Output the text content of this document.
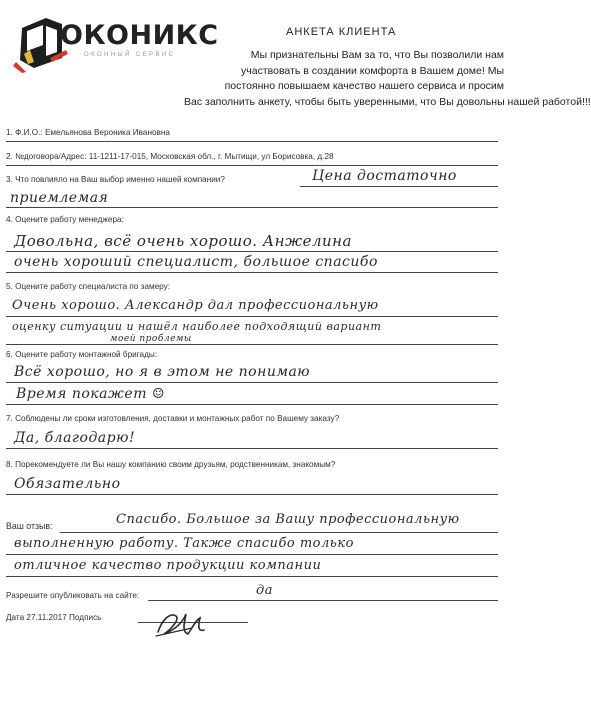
ОКОНИКС
ОКОННЫЙ СЕРВИС
АНКЕТА КЛИЕНТА
Мы признательны Вам за то, что Вы позволили нам
участвовать в создании комфорта в Вашем доме! Мы
постоянно повышаем качество нашего сервиса и просим
Вас заполнить анкету, чтобы быть уверенными, что Вы довольны нашей работой!!!
1. Ф.И.О.: Емельянова Вероника Ивановна
2. №договора/Адрес: 11-1211-17-015, Московская обл., г. Мытищи, ул Борисовка, д.28
3. Что повлияло на Ваш выбор именно нашей компании?	Цена достаточно
приемлемая
4. Оцените работу менеджера:
Довольна, всё очень хорошо. Анжелина
очень хороший специалист, большое спасибо
5. Оцените работу специалиста по замеру:
Очень хорошо. Александр дал профессиональную
оценку ситуации и нашёл наиболее подходящий вариант
моей проблемы
6. Оцените работу монтажной бригады:
Всё хорошо, но я в этом не понимаю
Время покажет ☺
7. Соблюдены ли сроки изготовления, доставки и монтажных работ по Вашему заказу?
Да, благодарю!
8. Порекомендуете ли Вы нашу компанию своим друзьям, родственникам, знакомым?
Обязательно
Ваш отзыв:	Спасибо. Большое за Вашу профессиональную
выполненную работу. Также спасибо только
отличное качество продукции компании
Разрешите опубликовать на сайте:	да
Дата 27.11.2017 Подпись
